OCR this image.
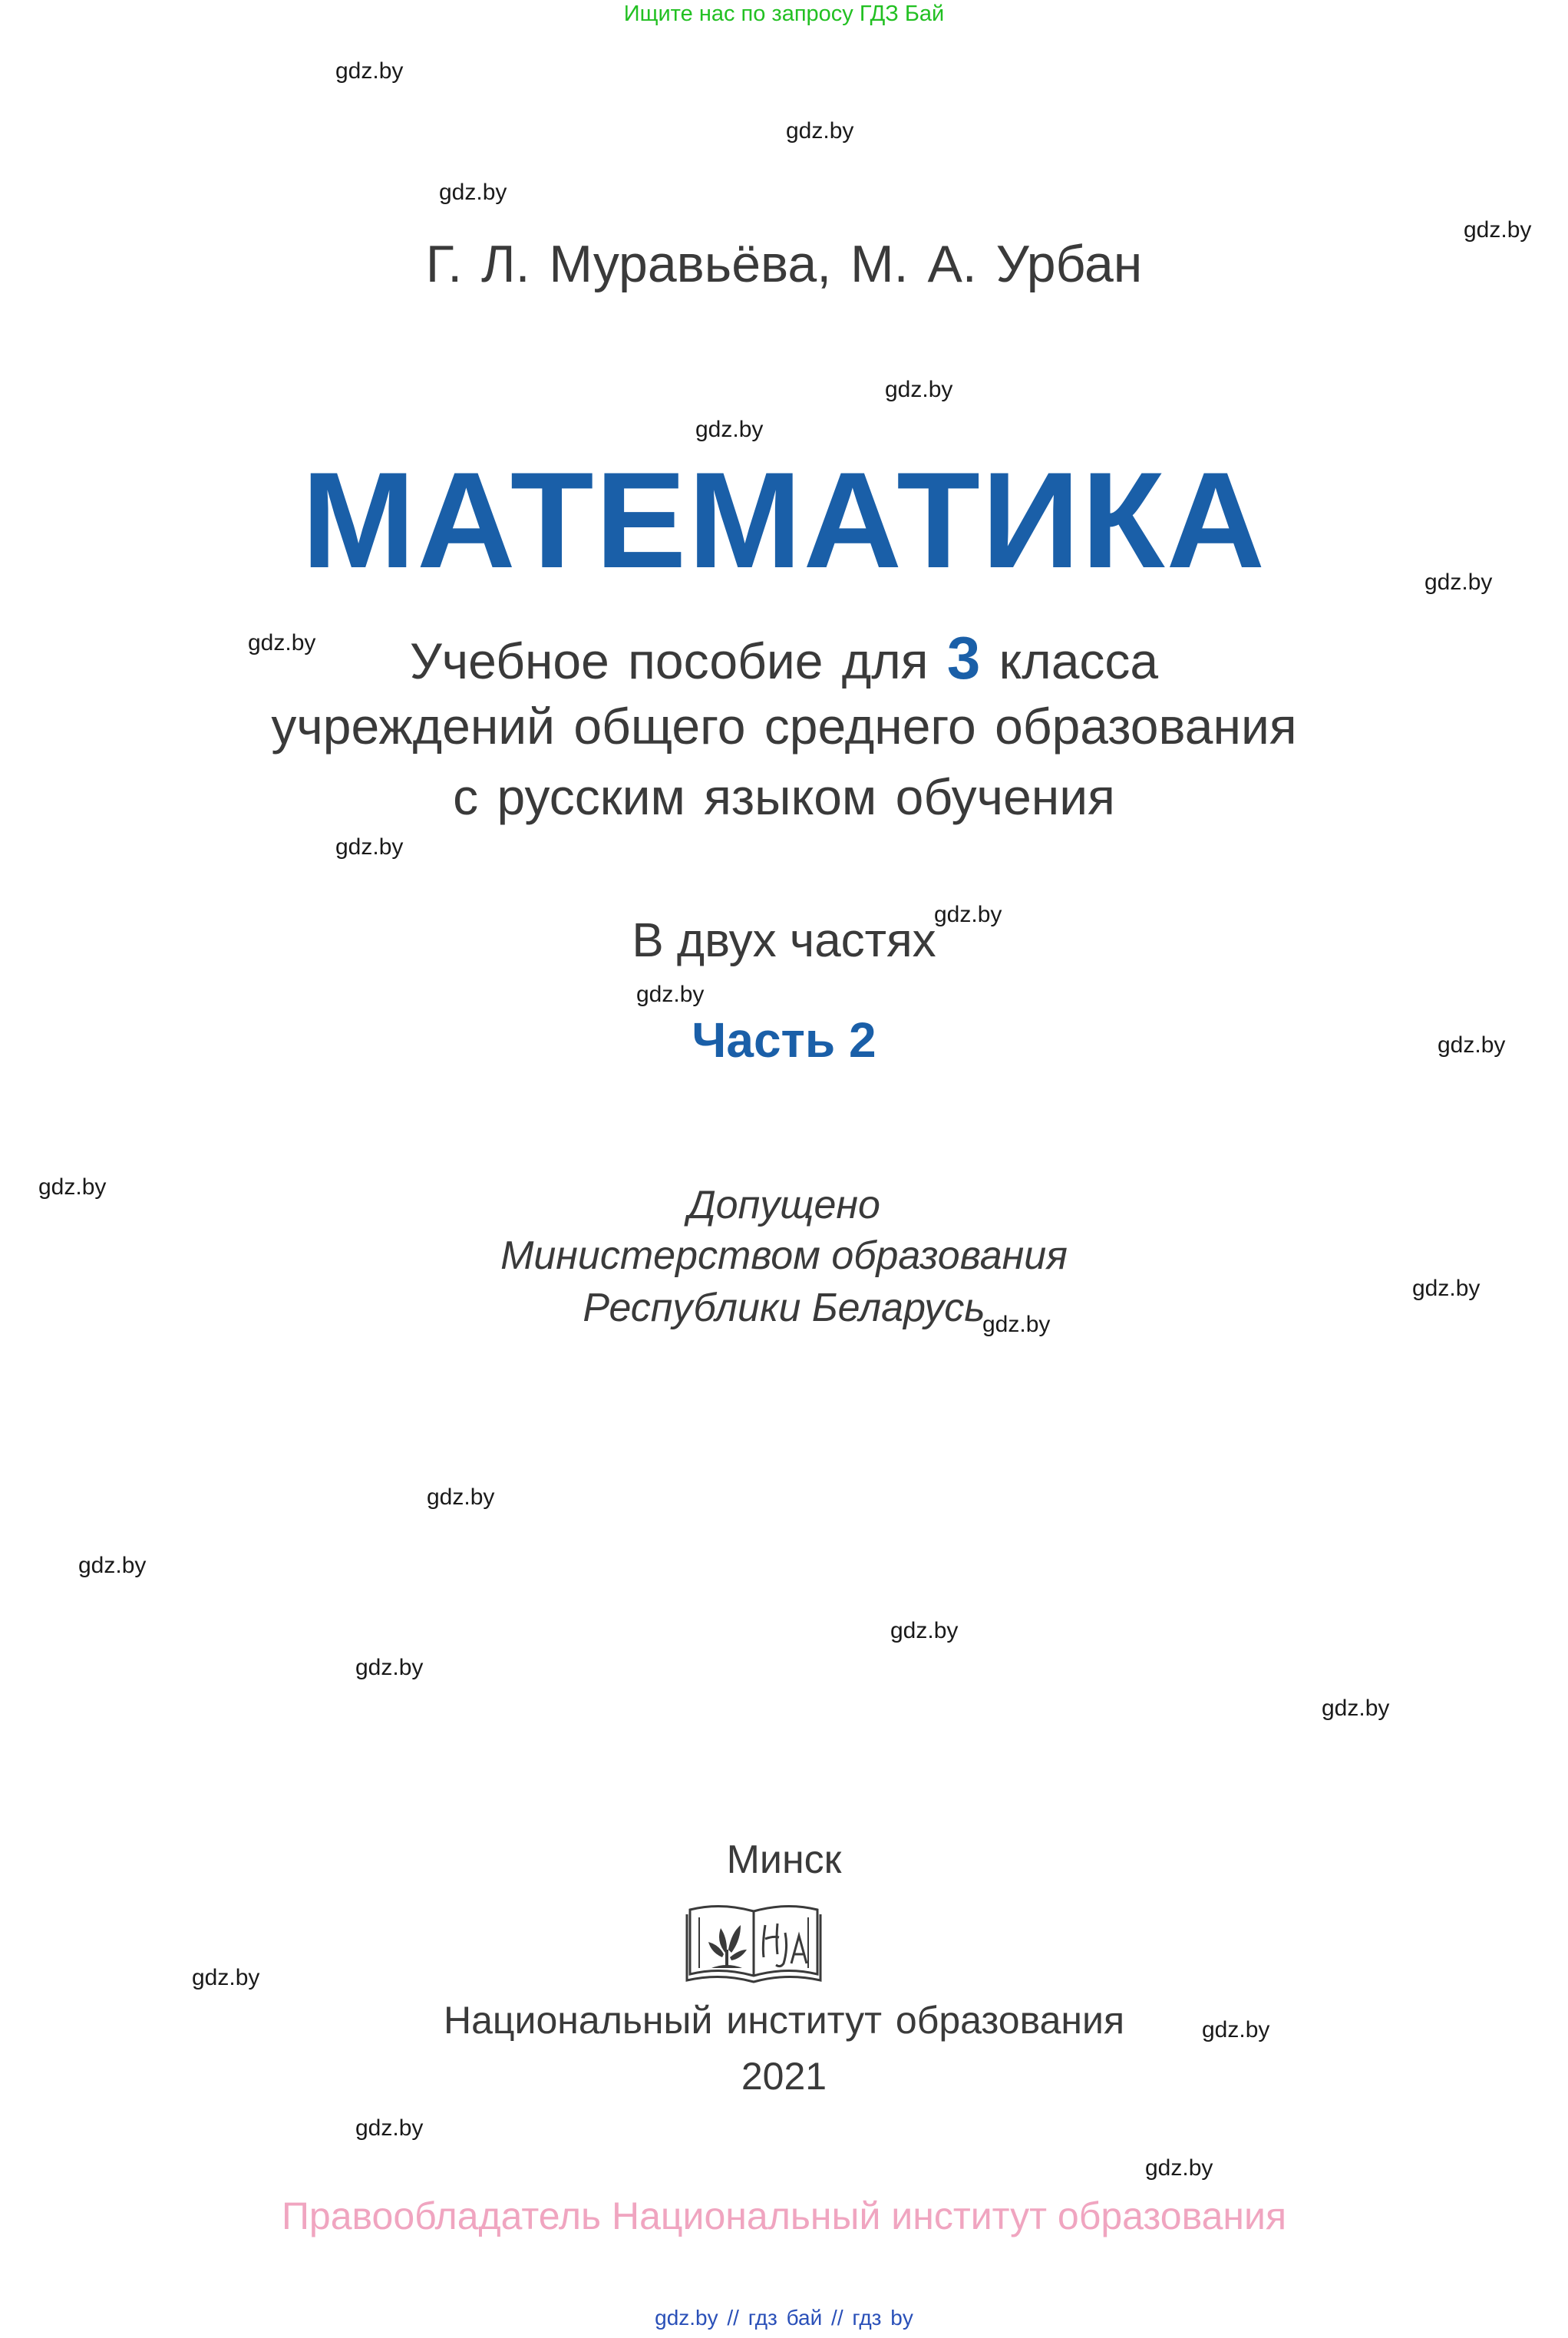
Ищите нас по запросу ГДЗ Бай
Г. Л. Муравьёва, М. А. Урбан
МАТЕМАТИКА
Учебное пособие для 3 класса
учреждений общего среднего образования
с русским языком обучения
В двух частях
Часть 2
Допущено
Министерством образования
Республики Беларусь
Минск
Национальный институт образования
2021
Правообладатель Национальный институт образования
gdz.by // гдз бай // гдз by
gdz.by
gdz.by
gdz.by
gdz.by
gdz.by
gdz.by
gdz.by
gdz.by
gdz.by
gdz.by
gdz.by
gdz.by
gdz.by
gdz.by
gdz.by
gdz.by
gdz.by
gdz.by
gdz.by
gdz.by
gdz.by
gdz.by
gdz.by
gdz.by
